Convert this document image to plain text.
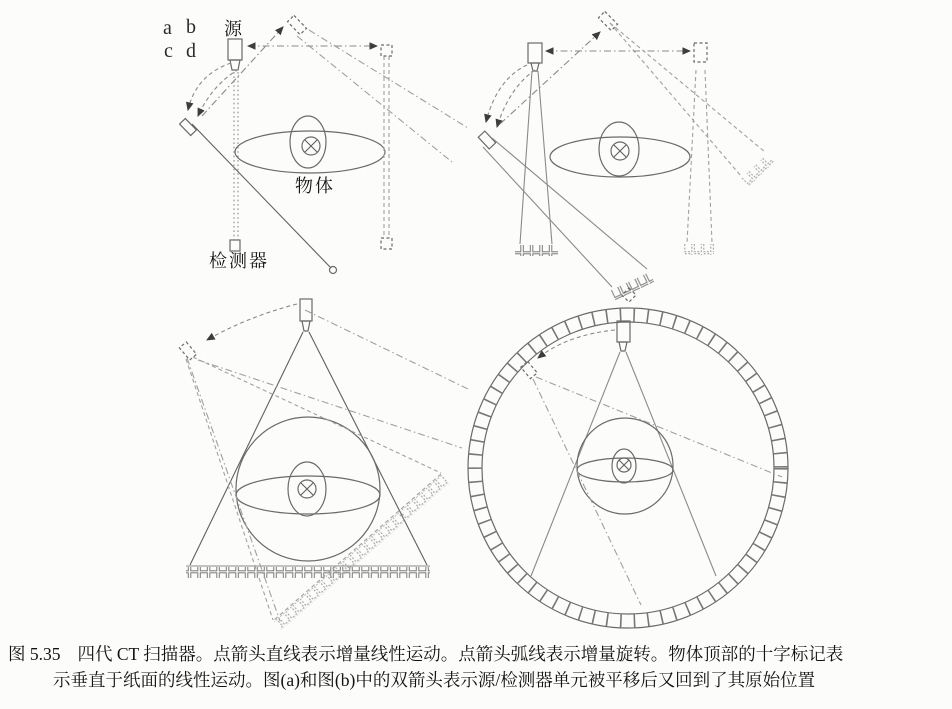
a b
c d
源
检测器
物体
图 5.35 四代 CT 扫描器。点箭头直线表示增量线性运动。点箭头弧线表示增量旋转。物体顶部的十字标记表
示垂直于纸面的线性运动。图(a)和图(b)中的双箭头表示源/检测器单元被平移后又回到了其原始位置
